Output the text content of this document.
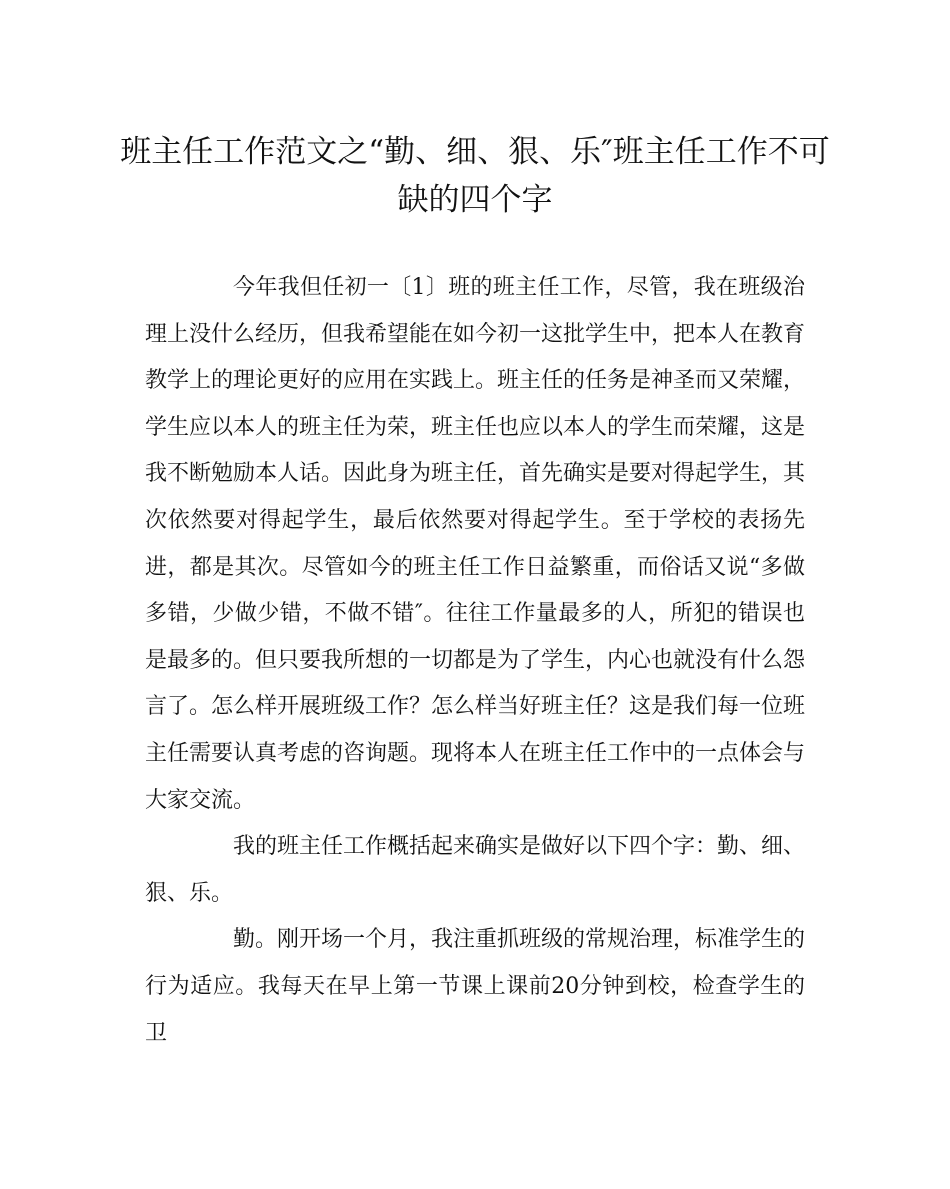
班主任工作范文之“勤、细、狠、乐″班主任工作不可缺的四个字

今年我但任初一〔1〕班的班主任工作，尽管，我在班级治理上没什么经历，但我希望能在如今初一这批学生中，把本人在教育教学上的理论更好的应用在实践上。班主任的任务是神圣而又荣耀，学生应以本人的班主任为荣，班主任也应以本人的学生而荣耀，这是我不断勉励本人话。因此身为班主任，首先确实是要对得起学生，其次依然要对得起学生，最后依然要对得起学生。至于学校的表扬先进，都是其次。尽管如今的班主任工作日益繁重，而俗话又说“多做多错，少做少错，不做不错″。往往工作量最多的人，所犯的错误也是最多的。但只要我所想的一切都是为了学生，内心也就没有什么怨言了。怎么样开展班级工作？怎么样当好班主任？这是我们每一位班主任需要认真考虑的咨询题。现将本人在班主任工作中的一点体会与大家交流。

我的班主任工作概括起来确实是做好以下四个字：勤、细、狠、乐。

勤。刚开场一个月，我注重抓班级的常规治理，标准学生的行为适应。我每天在早上第一节课上课前20分钟到校，检查学生的卫
